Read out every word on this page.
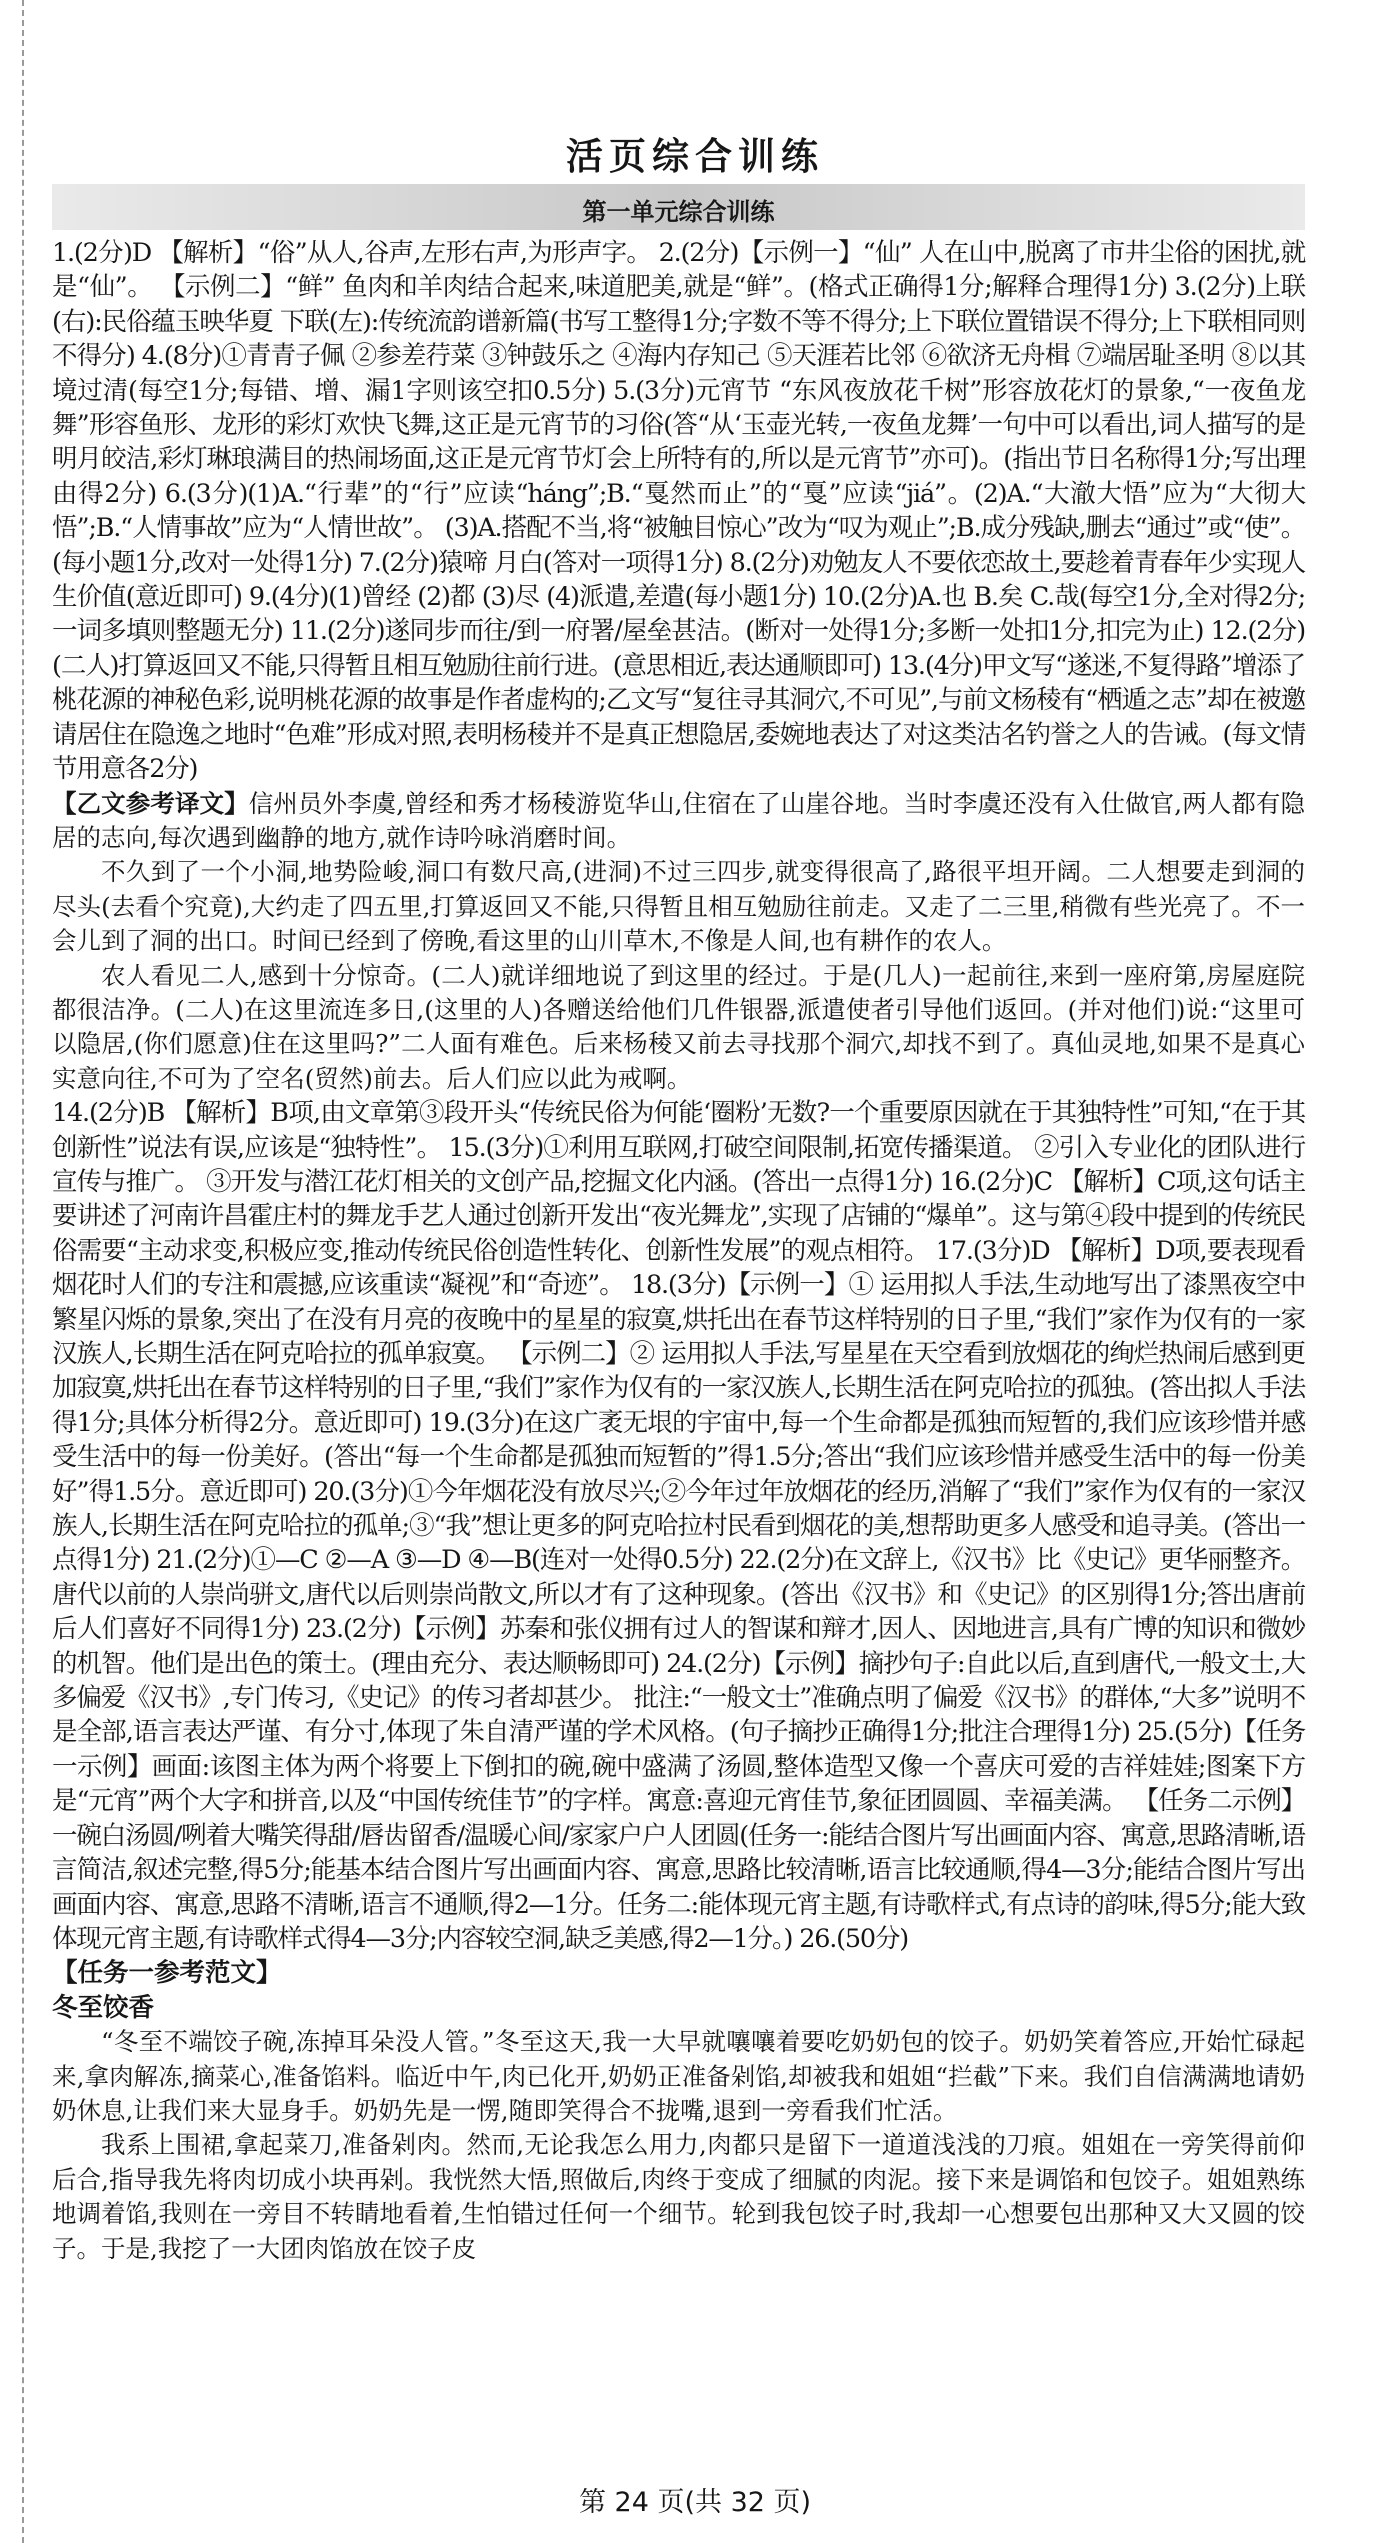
活页综合训练
第一单元综合训练

1.(2分)D 【解析】“俗”从人,谷声,左形右声,为形声字。 2.(2分)【示例一】“仙” 人在山中,脱离了市井尘俗的困扰,就是“仙”。 【示例二】“鲜” 鱼肉和羊肉结合起来,味道肥美,就是“鲜”。(格式正确得1分;解释合理得1分) 3.(2分)上联(右):民俗蕴玉映华夏 下联(左):传统流韵谱新篇(书写工整得1分;字数不等不得分;上下联位置错误不得分;上下联相同则不得分) 4.(8分)①青青子佩 ②参差荇菜 ③钟鼓乐之 ④海内存知己 ⑤天涯若比邻 ⑥欲济无舟楫 ⑦端居耻圣明 ⑧以其境过清(每空1分;每错、增、漏1字则该空扣0.5分) 5.(3分)元宵节 “东风夜放花千树”形容放花灯的景象,“一夜鱼龙舞”形容鱼形、龙形的彩灯欢快飞舞,这正是元宵节的习俗(答“从‘玉壶光转,一夜鱼龙舞’一句中可以看出,词人描写的是明月皎洁,彩灯琳琅满目的热闹场面,这正是元宵节灯会上所特有的,所以是元宵节”亦可)。(指出节日名称得1分;写出理由得2分) 6.(3分)(1)A.“行辈”的“行”应读“háng”;B.“戛然而止”的“戛”应读“jiá”。(2)A.“大澈大悟”应为“大彻大悟”;B.“人情事故”应为“人情世故”。 (3)A.搭配不当,将“被触目惊心”改为“叹为观止”;B.成分残缺,删去“通过”或“使”。(每小题1分,改对一处得1分) 7.(2分)猿啼 月白(答对一项得1分) 8.(2分)劝勉友人不要依恋故土,要趁着青春年少实现人生价值(意近即可) 9.(4分)(1)曾经 (2)都 (3)尽 (4)派遣,差遣(每小题1分) 10.(2分)A.也 B.矣 C.哉(每空1分,全对得2分;一词多填则整题无分) 11.(2分)遂同步而往/到一府署/屋垒甚洁。(断对一处得1分;多断一处扣1分,扣完为止) 12.(2分)(二人)打算返回又不能,只得暂且相互勉励往前行进。(意思相近,表达通顺即可) 13.(4分)甲文写“遂迷,不复得路”增添了桃花源的神秘色彩,说明桃花源的故事是作者虚构的;乙文写“复往寻其洞穴,不可见”,与前文杨稜有“栖遁之志”却在被邀请居住在隐逸之地时“色难”形成对照,表明杨稜并不是真正想隐居,委婉地表达了对这类沽名钓誉之人的告诫。(每文情节用意各2分)

【乙文参考译文】信州员外李虞,曾经和秀才杨稜游览华山,住宿在了山崖谷地。当时李虞还没有入仕做官,两人都有隐居的志向,每次遇到幽静的地方,就作诗吟咏消磨时间。

不久到了一个小洞,地势险峻,洞口有数尺高,(进洞)不过三四步,就变得很高了,路很平坦开阔。二人想要走到洞的尽头(去看个究竟),大约走了四五里,打算返回又不能,只得暂且相互勉励往前走。又走了二三里,稍微有些光亮了。不一会儿到了洞的出口。时间已经到了傍晚,看这里的山川草木,不像是人间,也有耕作的农人。

农人看见二人,感到十分惊奇。(二人)就详细地说了到这里的经过。于是(几人)一起前往,来到一座府第,房屋庭院都很洁净。(二人)在这里流连多日,(这里的人)各赠送给他们几件银器,派遣使者引导他们返回。(并对他们)说:“这里可以隐居,(你们愿意)住在这里吗?”二人面有难色。后来杨稜又前去寻找那个洞穴,却找不到了。真仙灵地,如果不是真心实意向往,不可为了空名(贸然)前去。后人们应以此为戒啊。

14.(2分)B 【解析】B项,由文章第③段开头“传统民俗为何能‘圈粉’无数?一个重要原因就在于其独特性”可知,“在于其创新性”说法有误,应该是“独特性”。 15.(3分)①利用互联网,打破空间限制,拓宽传播渠道。 ②引入专业化的团队进行宣传与推广。 ③开发与潜江花灯相关的文创产品,挖掘文化内涵。(答出一点得1分) 16.(2分)C 【解析】C项,这句话主要讲述了河南许昌霍庄村的舞龙手艺人通过创新开发出“夜光舞龙”,实现了店铺的“爆单”。这与第④段中提到的传统民俗需要“主动求变,积极应变,推动传统民俗创造性转化、创新性发展”的观点相符。 17.(3分)D 【解析】D项,要表现看烟花时人们的专注和震撼,应该重读“凝视”和“奇迹”。 18.(3分)【示例一】① 运用拟人手法,生动地写出了漆黑夜空中繁星闪烁的景象,突出了在没有月亮的夜晚中的星星的寂寞,烘托出在春节这样特别的日子里,“我们”家作为仅有的一家汉族人,长期生活在阿克哈拉的孤单寂寞。 【示例二】② 运用拟人手法,写星星在天空看到放烟花的绚烂热闹后感到更加寂寞,烘托出在春节这样特别的日子里,“我们”家作为仅有的一家汉族人,长期生活在阿克哈拉的孤独。(答出拟人手法得1分;具体分析得2分。意近即可) 19.(3分)在这广袤无垠的宇宙中,每一个生命都是孤独而短暂的,我们应该珍惜并感受生活中的每一份美好。(答出“每一个生命都是孤独而短暂的”得1.5分;答出“我们应该珍惜并感受生活中的每一份美好”得1.5分。意近即可) 20.(3分)①今年烟花没有放尽兴;②今年过年放烟花的经历,消解了“我们”家作为仅有的一家汉族人,长期生活在阿克哈拉的孤单;③“我”想让更多的阿克哈拉村民看到烟花的美,想帮助更多人感受和追寻美。(答出一点得1分) 21.(2分)①—C ②—A ③—D ④—B(连对一处得0.5分) 22.(2分)在文辞上,《汉书》比《史记》更华丽整齐。唐代以前的人崇尚骈文,唐代以后则崇尚散文,所以才有了这种现象。(答出《汉书》和《史记》的区别得1分;答出唐前后人们喜好不同得1分) 23.(2分)【示例】苏秦和张仪拥有过人的智谋和辩才,因人、因地进言,具有广博的知识和微妙的机智。他们是出色的策士。(理由充分、表达顺畅即可) 24.(2分)【示例】摘抄句子:自此以后,直到唐代,一般文士,大多偏爱《汉书》,专门传习,《史记》的传习者却甚少。 批注:“一般文士”准确点明了偏爱《汉书》的群体,“大多”说明不是全部,语言表达严谨、有分寸,体现了朱自清严谨的学术风格。(句子摘抄正确得1分;批注合理得1分) 25.(5分)【任务一示例】画面:该图主体为两个将要上下倒扣的碗,碗中盛满了汤圆,整体造型又像一个喜庆可爱的吉祥娃娃;图案下方是“元宵”两个大字和拼音,以及“中国传统佳节”的字样。寓意:喜迎元宵佳节,象征团圆圆、幸福美满。 【任务二示例】一碗白汤圆/咧着大嘴笑得甜/唇齿留香/温暖心间/家家户户人团圆(任务一:能结合图片写出画面内容、寓意,思路清晰,语言简洁,叙述完整,得5分;能基本结合图片写出画面内容、寓意,思路比较清晰,语言比较通顺,得4—3分;能结合图片写出画面内容、寓意,思路不清晰,语言不通顺,得2—1分。任务二:能体现元宵主题,有诗歌样式,有点诗的韵味,得5分;能大致体现元宵主题,有诗歌样式得4—3分;内容较空洞,缺乏美感,得2—1分。) 26.(50分)

【任务一参考范文】

冬至饺香

“冬至不端饺子碗,冻掉耳朵没人管。”冬至这天,我一大早就嚷嚷着要吃奶奶包的饺子。奶奶笑着答应,开始忙碌起来,拿肉解冻,摘菜心,准备馅料。临近中午,肉已化开,奶奶正准备剁馅,却被我和姐姐“拦截”下来。我们自信满满地请奶奶休息,让我们来大显身手。奶奶先是一愣,随即笑得合不拢嘴,退到一旁看我们忙活。

我系上围裙,拿起菜刀,准备剁肉。然而,无论我怎么用力,肉都只是留下一道道浅浅的刀痕。姐姐在一旁笑得前仰后合,指导我先将肉切成小块再剁。我恍然大悟,照做后,肉终于变成了细腻的肉泥。接下来是调馅和包饺子。姐姐熟练地调着馅,我则在一旁目不转睛地看着,生怕错过任何一个细节。轮到我包饺子时,我却一心想要包出那种又大又圆的饺子。于是,我挖了一大团肉馅放在饺子皮

第 24 页(共 32 页)
